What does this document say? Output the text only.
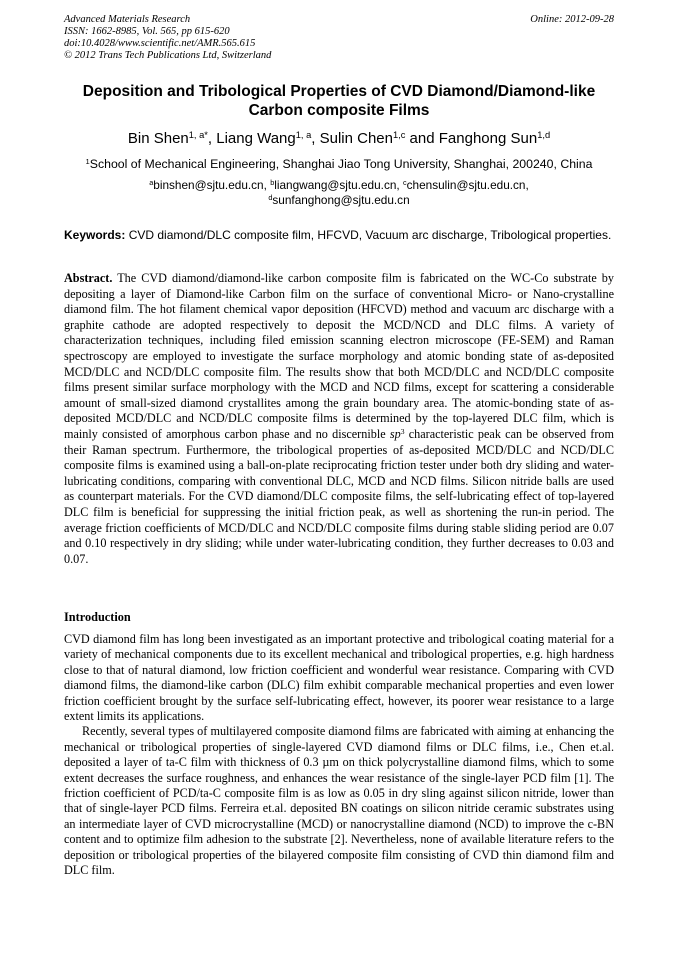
Advanced Materials Research
ISSN: 1662-8985, Vol. 565, pp 615-620
doi:10.4028/www.scientific.net/AMR.565.615
© 2012 Trans Tech Publications Ltd, Switzerland
Online: 2012-09-28
Deposition and Tribological Properties of CVD Diamond/Diamond-like Carbon composite Films
Bin Shen$^{1, a*}$, Liang Wang$^{1, a}$, Sulin Chen$^{1,c}$ and Fanghong Sun$^{1,d}$
$^1$School of Mechanical Engineering, Shanghai Jiao Tong University, Shanghai, 200240, China
$^a$binshen@sjtu.edu.cn, $^b$liangwang@sjtu.edu.cn, $^c$chensulin@sjtu.edu.cn,
$^d$sunfanghong@sjtu.edu.cn
Keywords: CVD diamond/DLC composite film, HFCVD, Vacuum arc discharge, Tribological properties.
Abstract. The CVD diamond/diamond-like carbon composite film is fabricated on the WC-Co substrate by depositing a layer of Diamond-like Carbon film on the surface of conventional Micro- or Nano-crystalline diamond film. The hot filament chemical vapor deposition (HFCVD) method and vacuum arc discharge with a graphite cathode are adopted respectively to deposit the MCD/NCD and DLC films. A variety of characterization techniques, including filed emission scanning electron microscope (FE-SEM) and Raman spectroscopy are employed to investigate the surface morphology and atomic bonding state of as-deposited MCD/DLC and NCD/DLC composite film. The results show that both MCD/DLC and NCD/DLC composite films present similar surface morphology with the MCD and NCD films, except for scattering a considerable amount of small-sized diamond crystallites among the grain boundary area. The atomic-bonding state of as-deposited MCD/DLC and NCD/DLC composite films is determined by the top-layered DLC film, which is mainly consisted of amorphous carbon phase and no discernible $sp^3$ characteristic peak can be observed from their Raman spectrum. Furthermore, the tribological properties of as-deposited MCD/DLC and NCD/DLC composite films is examined using a ball-on-plate reciprocating friction tester under both dry sliding and water-lubricating conditions, comparing with conventional DLC, MCD and NCD films. Silicon nitride balls are used as counterpart materials. For the CVD diamond/DLC composite films, the self-lubricating effect of top-layered DLC film is beneficial for suppressing the initial friction peak, as well as shortening the run-in period. The average friction coefficients of MCD/DLC and NCD/DLC composite films during stable sliding period are 0.07 and 0.10 respectively in dry sliding; while under water-lubricating condition, they further decreases to 0.03 and 0.07.
Introduction

CVD diamond film has long been investigated as an important protective and tribological coating material for a variety of mechanical components due to its excellent mechanical and tribological properties, e.g. high hardness close to that of natural diamond, low friction coefficient and wonderful wear resistance. Comparing with CVD diamond films, the diamond-like carbon (DLC) film exhibit comparable mechanical properties and even lower friction coefficient brought by the surface self-lubricating effect, however, its poorer wear resistance to a large extent limits its applications.

Recently, several types of multilayered composite diamond films are fabricated with aiming at enhancing the mechanical or tribological properties of single-layered CVD diamond films or DLC films, i.e., Chen et.al. deposited a layer of ta-C film with thickness of 0.3 µm on thick polycrystalline diamond films, which to some extent decreases the surface roughness, and enhances the wear resistance of the single-layer PCD film [1]. The friction coefficient of PCD/ta-C composite film is as low as 0.05 in dry sling against silicon nitride, lower than that of single-layer PCD films. Ferreira et.al. deposited BN coatings on silicon nitride ceramic substrates using an intermediate layer of CVD microcrystalline (MCD) or nanocrystalline diamond (NCD) to improve the c-BN content and to optimize film adhesion to the substrate [2]. Nevertheless, none of available literature refers to the deposition or tribological properties of the bilayered composite film consisting of CVD thin diamond film and DLC film.
